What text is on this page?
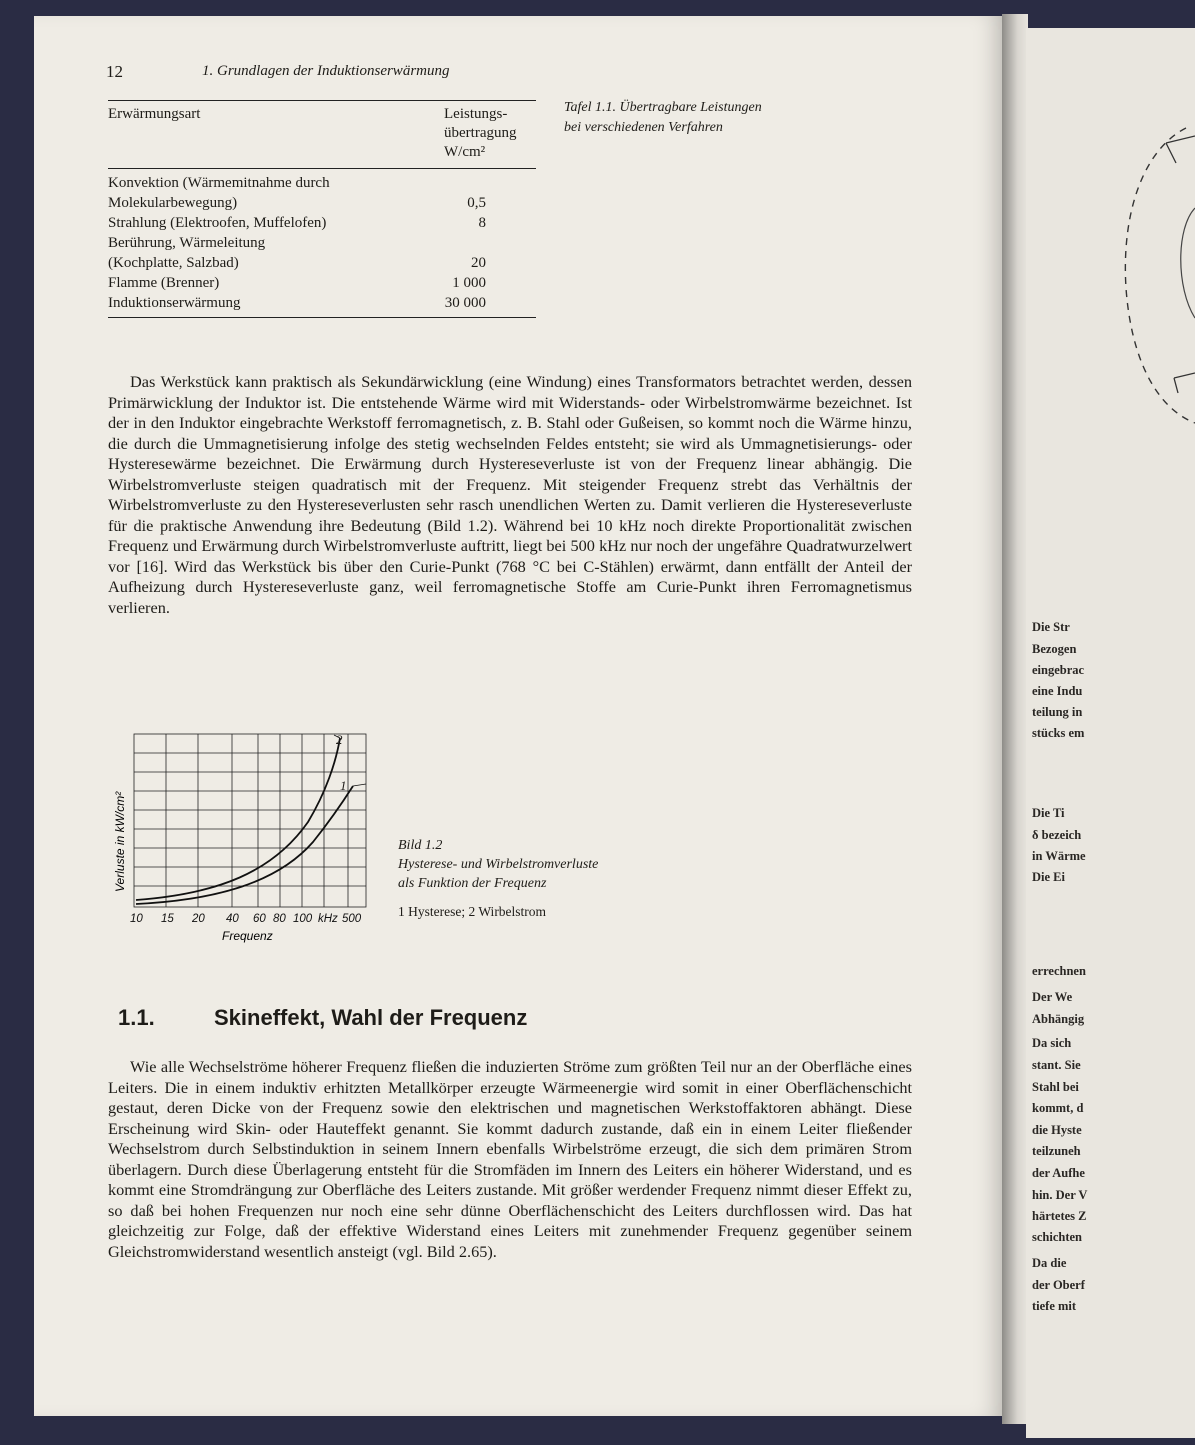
Die Str
Bezogen
eingebrac
eine Indu
teilung in
stücks em
Die Ti
δ bezeich
in Wärme
Die Ei
errechnen
Der We
Abhängig
Da sich
stant. Sie
Stahl bei
kommt, d
die Hyste
teilzuneh
der Aufhe
hin. Der V
härtetes Z
schichten
Da die
der Oberf
tiefe mit
12	1. Grundlagen der Induktionserwärmung
Erwärmungsart	Leistungs-
übertragung
W/cm²
Konvektion (Wärmemitnahme durch
Molekularbewegung)	0,5
Strahlung (Elektroofen, Muffelofen)	8
Berührung, Wärmeleitung
(Kochplatte, Salzbad)	20
Flamme (Brenner)	1 000
Induktionserwärmung	30 000
Tafel 1.1. Übertragbare Leistungen
bei verschiedenen Verfahren
Das Werkstück kann praktisch als Sekundärwicklung (eine Windung) eines Transformators betrachtet werden, dessen Primärwicklung der Induktor ist. Die entstehende Wärme wird mit Widerstands- oder Wirbelstromwärme bezeichnet. Ist der in den Induktor eingebrachte Werkstoff ferromagnetisch, z. B. Stahl oder Gußeisen, so kommt noch die Wärme hinzu, die durch die Ummagnetisierung infolge des stetig wechselnden Feldes entsteht; sie wird als Ummagnetisierungs- oder Hysteresewärme bezeichnet. Die Erwärmung durch Hystereseverluste ist von der Frequenz linear abhängig. Die Wirbelstromverluste steigen quadratisch mit der Frequenz. Mit steigender Frequenz strebt das Verhältnis der Wirbelstromverluste zu den Hystereseverlusten sehr rasch unendlichen Werten zu. Damit verlieren die Hystereseverluste für die praktische Anwendung ihre Bedeutung (Bild 1.2). Während bei 10 kHz noch direkte Proportionalität zwischen Frequenz und Erwärmung durch Wirbelstromverluste auftritt, liegt bei 500 kHz nur noch der ungefähre Quadratwurzelwert vor [16]. Wird das Werkstück bis über den Curie-Punkt (768 °C bei C-Stählen) erwärmt, dann entfällt der Anteil der Aufheizung durch Hystereseverluste ganz, weil ferromagnetische Stoffe am Curie-Punkt ihren Ferromagnetismus verlieren.
Verluste in kW/cm²
Frequenz
10 15 20 40 60 80 100 kHz 500
2
1
Bild 1.2
Hysterese- und Wirbelstromverluste
als Funktion der Frequenz
1 Hysterese; 2 Wirbelstrom
1.1.	Skineffekt, Wahl der Frequenz
Wie alle Wechselströme höherer Frequenz fließen die induzierten Ströme zum größten Teil nur an der Oberfläche eines Leiters. Die in einem induktiv erhitzten Metallkörper erzeugte Wärmeenergie wird somit in einer Oberflächenschicht gestaut, deren Dicke von der Frequenz sowie den elektrischen und magnetischen Werkstoffaktoren abhängt. Diese Erscheinung wird Skin- oder Hauteffekt genannt. Sie kommt dadurch zustande, daß ein in einem Leiter fließender Wechselstrom durch Selbstinduktion in seinem Innern ebenfalls Wirbelströme erzeugt, die sich dem primären Strom überlagern. Durch diese Überlagerung entsteht für die Stromfäden im Innern des Leiters ein höherer Widerstand, und es kommt eine Stromdrängung zur Oberfläche des Leiters zustande. Mit größer werdender Frequenz nimmt dieser Effekt zu, so daß bei hohen Frequenzen nur noch eine sehr dünne Oberflächenschicht des Leiters durchflossen wird. Das hat gleichzeitig zur Folge, daß der effektive Widerstand eines Leiters mit zunehmender Frequenz gegenüber seinem Gleichstromwiderstand wesentlich ansteigt (vgl. Bild 2.65).
